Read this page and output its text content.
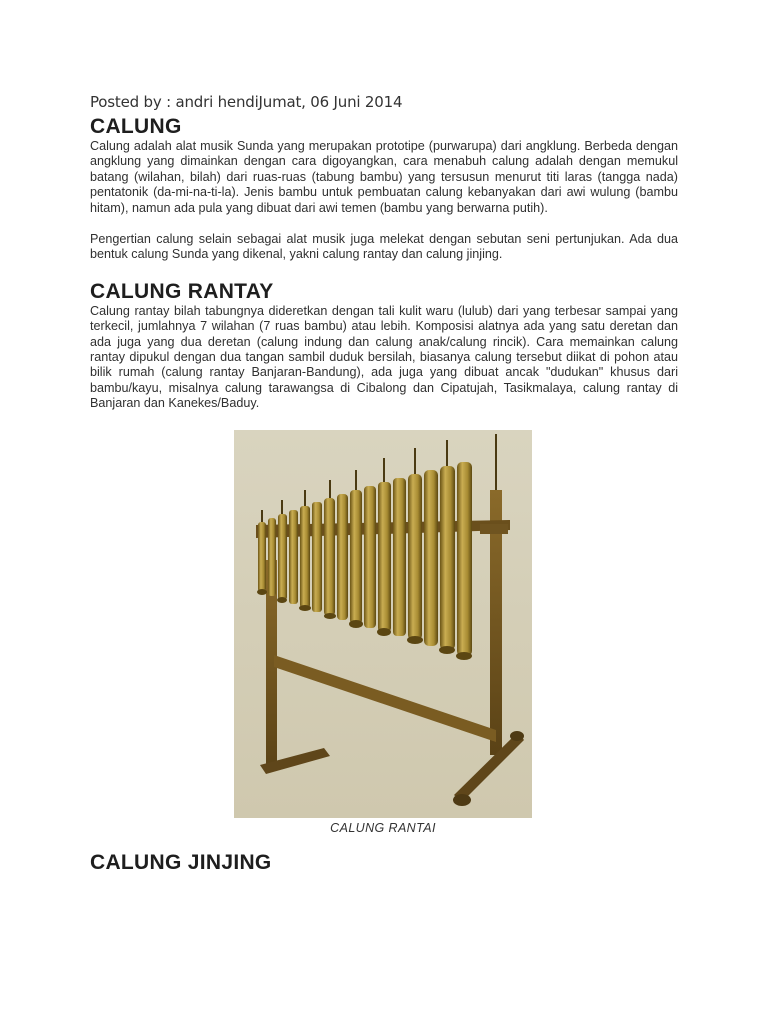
Posted by : andri hendiJumat, 06 Juni 2014

CALUNG

Calung adalah alat musik Sunda yang merupakan prototipe (purwarupa) dari angklung. Berbeda dengan angklung yang dimainkan dengan cara digoyangkan, cara menabuh calung adalah dengan memukul batang (wilahan, bilah) dari ruas-ruas (tabung bambu) yang tersusun menurut titi laras (tangga nada) pentatonik (da-mi-na-ti-la). Jenis bambu untuk pembuatan calung kebanyakan dari awi wulung (bambu hitam), namun ada pula yang dibuat dari awi temen (bambu yang berwarna putih).

Pengertian calung selain sebagai alat musik juga melekat dengan sebutan seni pertunjukan. Ada dua bentuk calung Sunda yang dikenal, yakni calung rantay dan calung jinjing.

CALUNG RANTAY

Calung rantay bilah tabungnya dideretkan dengan tali kulit waru (lulub) dari yang terbesar sampai yang terkecil, jumlahnya 7 wilahan (7 ruas bambu) atau lebih. Komposisi alatnya ada yang satu deretan dan ada juga yang dua deretan (calung indung dan calung anak/calung rincik). Cara memainkan calung rantay dipukul dengan dua tangan sambil duduk bersilah, biasanya calung tersebut diikat di pohon atau bilik rumah (calung rantay Banjaran-Bandung), ada juga yang dibuat ancak "dudukan" khusus dari bambu/kayu, misalnya calung tarawangsa di Cibalong dan Cipatujah, Tasikmalaya, calung rantay di Banjaran dan Kanekes/Baduy.

CALUNG RANTAI
CALUNG JINJING
